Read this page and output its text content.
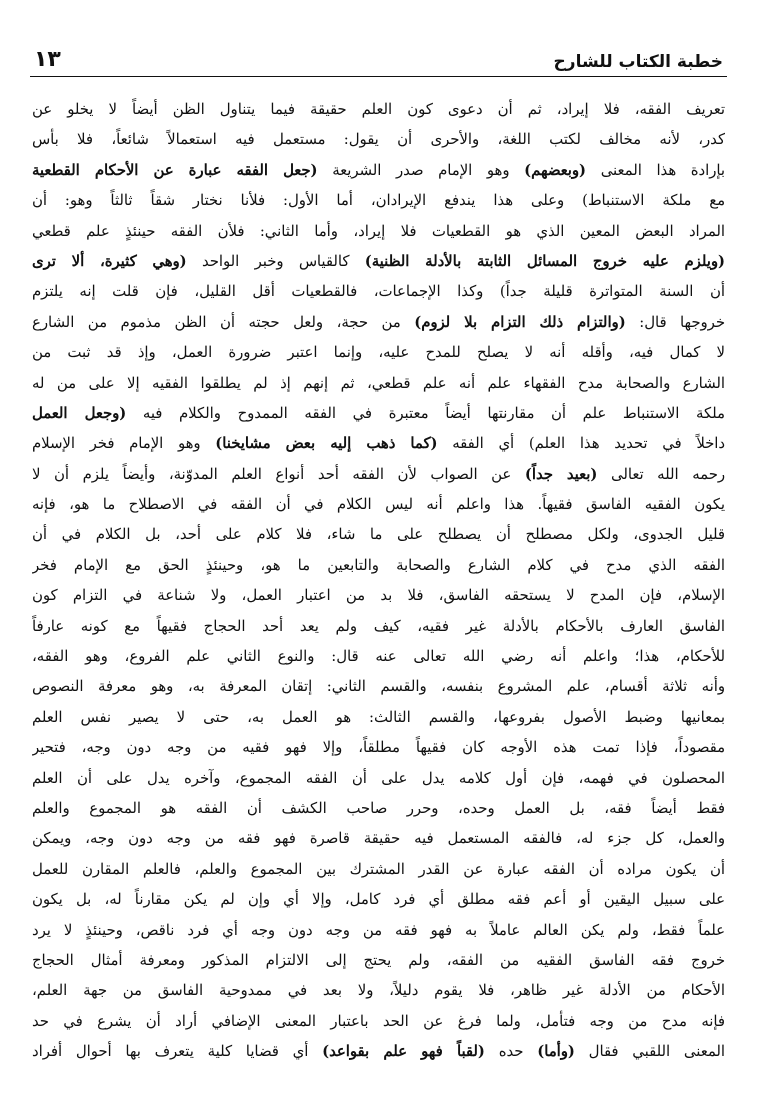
خطبة الكتاب للشارح
١٣
تعريف الفقه، فلا إيراد، ثم أن دعوى كون العلم حقيقة فيما يتناول الظن أيضاً لا يخلو عن
كدر، لأنه مخالف لكتب اللغة، والأحرى أن يقول: مستعمل فيه استعمالاً شائعاً، فلا بأس
بإرادة هذا المعنى (وبعضهم) وهو الإمام صدر الشريعة (جعل الفقه عبارة عن الأحكام القطعية
مع ملكة الاستنباط) وعلى هذا يندفع الإيرادان، أما الأول: فلأنا نختار شقاً ثالثاً وهو: أن
المراد البعض المعين الذي هو القطعيات فلا إيراد، وأما الثاني: فلأن الفقه حينئذٍ علم قطعي
(ويلزم عليه خروج المسائل الثابتة بالأدلة الظنية) كالقياس وخبر الواحد (وهي كثيرة، ألا ترى
أن السنة المتواترة قليلة جداً) وكذا الإجماعات، فالقطعيات أقل القليل، فإن قلت إنه يلتزم
خروجها قال: (والتزام ذلك التزام بلا لزوم) من حجة، ولعل حجته أن الظن مذموم من الشارع
لا كمال فيه، وأقله أنه لا يصلح للمدح عليه، وإنما اعتبر ضرورة العمل، وإذ قد ثبت من
الشارع والصحابة مدح الفقهاء علم أنه علم قطعي، ثم إنهم إذ لم يطلقوا الفقيه إلا على من له
ملكة الاستنباط علم أن مقارنتها أيضاً معتبرة في الفقه الممدوح والكلام فيه (وجعل العمل
داخلاً في تحديد هذا العلم) أي الفقه (كما ذهب إليه بعض مشايخنا) وهو الإمام فخر الإسلام
رحمه الله تعالى (بعيد جداً) عن الصواب لأن الفقه أحد أنواع العلم المدوّنة، وأيضاً يلزم أن لا
يكون الفقيه الفاسق فقيهاً. هذا واعلم أنه ليس الكلام في أن الفقه في الاصطلاح ما هو، فإنه
قليل الجدوى، ولكل مصطلح أن يصطلح على ما شاء، فلا كلام على أحد، بل الكلام في أن
الفقه الذي مدح في كلام الشارع والصحابة والتابعين ما هو، وحينئذٍ الحق مع الإمام فخر
الإسلام، فإن المدح لا يستحقه الفاسق، فلا بد من اعتبار العمل، ولا شناعة في التزام كون
الفاسق العارف بالأحكام بالأدلة غير فقيه، كيف ولم يعد أحد الحجاج فقيهاً مع كونه عارفاً
للأحكام، هذا؛ واعلم أنه رضي الله تعالى عنه قال: والنوع الثاني علم الفروع، وهو الفقه،
وأنه ثلاثة أقسام، علم المشروع بنفسه، والقسم الثاني: إتقان المعرفة به، وهو معرفة النصوص
بمعانيها وضبط الأصول بفروعها، والقسم الثالث: هو العمل به، حتى لا يصير نفس العلم
مقصوداً، فإذا تمت هذه الأوجه كان فقيهاً مطلقاً، وإلا فهو فقيه من وجه دون وجه، فتحير
المحصلون في فهمه، فإن أول كلامه يدل على أن الفقه المجموع، وآخره يدل على أن العلم
فقط أيضاً فقه، بل العمل وحده، وحرر صاحب الكشف أن الفقه هو المجموع والعلم
والعمل، كل جزء له، فالفقه المستعمل فيه حقيقة قاصرة فهو فقه من وجه دون وجه، ويمكن
أن يكون مراده أن الفقه عبارة عن القدر المشترك بين المجموع والعلم، فالعلم المقارن للعمل
على سبيل اليقين أو أعم فقه مطلق أي فرد كامل، وإلا أي وإن لم يكن مقارناً له، بل يكون
علماً فقط، ولم يكن العالم عاملاً به فهو فقه من وجه دون وجه أي فرد ناقص، وحينئذٍ لا يرد
خروج فقه الفاسق الفقيه من الفقه، ولم يحتج إلى الالتزام المذكور ومعرفة أمثال الحجاج
الأحكام من الأدلة غير ظاهر، فلا يقوم دليلاً، ولا بعد في ممدوحية الفاسق من جهة العلم،
فإنه مدح من وجه فتأمل، ولما فرغ عن الحد باعتبار المعنى الإضافي أراد أن يشرع في حد
المعنى اللقبي فقال (وأما) حده (لقباً فهو علم بقواعد) أي قضايا كلية يتعرف بها أحوال أفراد
